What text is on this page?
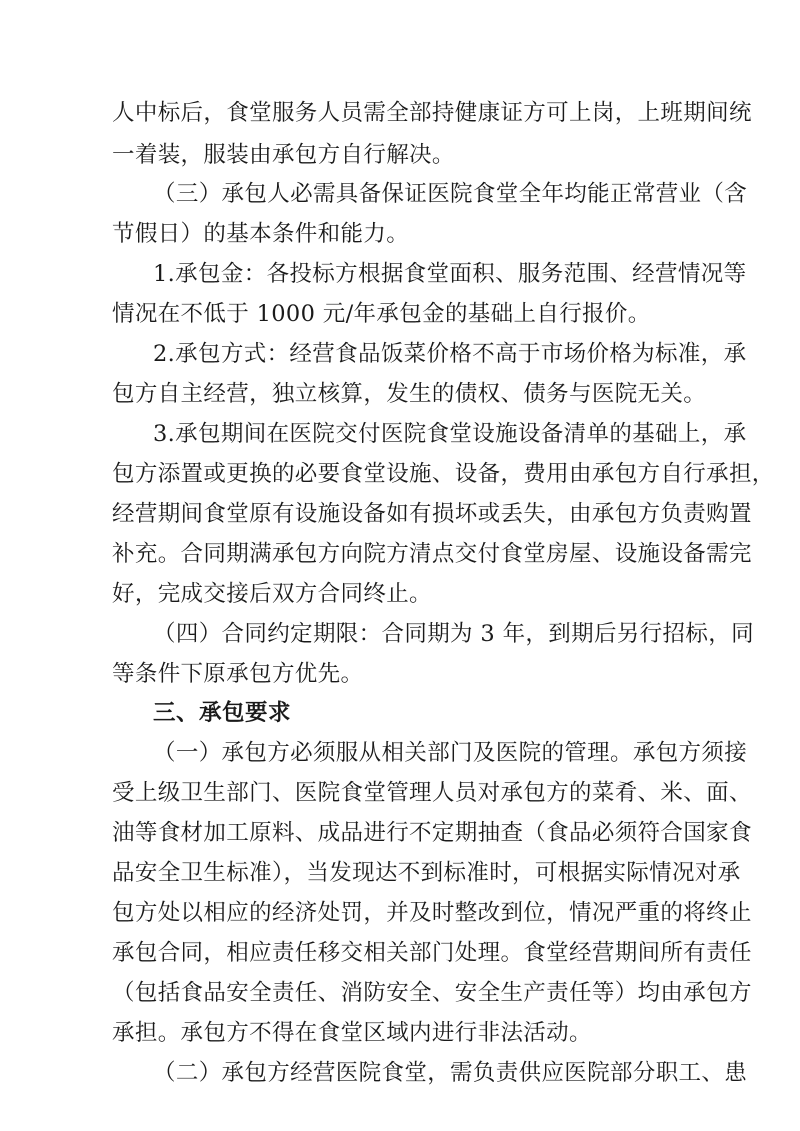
人中标后，食堂服务人员需全部持健康证方可上岗，上班期间统
一着装，服装由承包方自行解决。
（三）承包人必需具备保证医院食堂全年均能正常营业（含
节假日）的基本条件和能力。
1.承包金：各投标方根据食堂面积、服务范围、经营情况等
情况在不低于 1000 元/年承包金的基础上自行报价。
2.承包方式：经营食品饭菜价格不高于市场价格为标准，承
包方自主经营，独立核算，发生的债权、债务与医院无关。
3.承包期间在医院交付医院食堂设施设备清单的基础上，承
包方添置或更换的必要食堂设施、设备，费用由承包方自行承担，
经营期间食堂原有设施设备如有损坏或丢失，由承包方负责购置
补充。合同期满承包方向院方清点交付食堂房屋、设施设备需完
好，完成交接后双方合同终止。
（四）合同约定期限：合同期为 3 年，到期后另行招标，同
等条件下原承包方优先。
三、承包要求
（一）承包方必须服从相关部门及医院的管理。承包方须接
受上级卫生部门、医院食堂管理人员对承包方的菜肴、米、面、
油等食材加工原料、成品进行不定期抽查（食品必须符合国家食
品安全卫生标准），当发现达不到标准时，可根据实际情况对承
包方处以相应的经济处罚，并及时整改到位，情况严重的将终止
承包合同，相应责任移交相关部门处理。食堂经营期间所有责任
（包括食品安全责任、消防安全、安全生产责任等）均由承包方
承担。承包方不得在食堂区域内进行非法活动。
（二）承包方经营医院食堂，需负责供应医院部分职工、患
